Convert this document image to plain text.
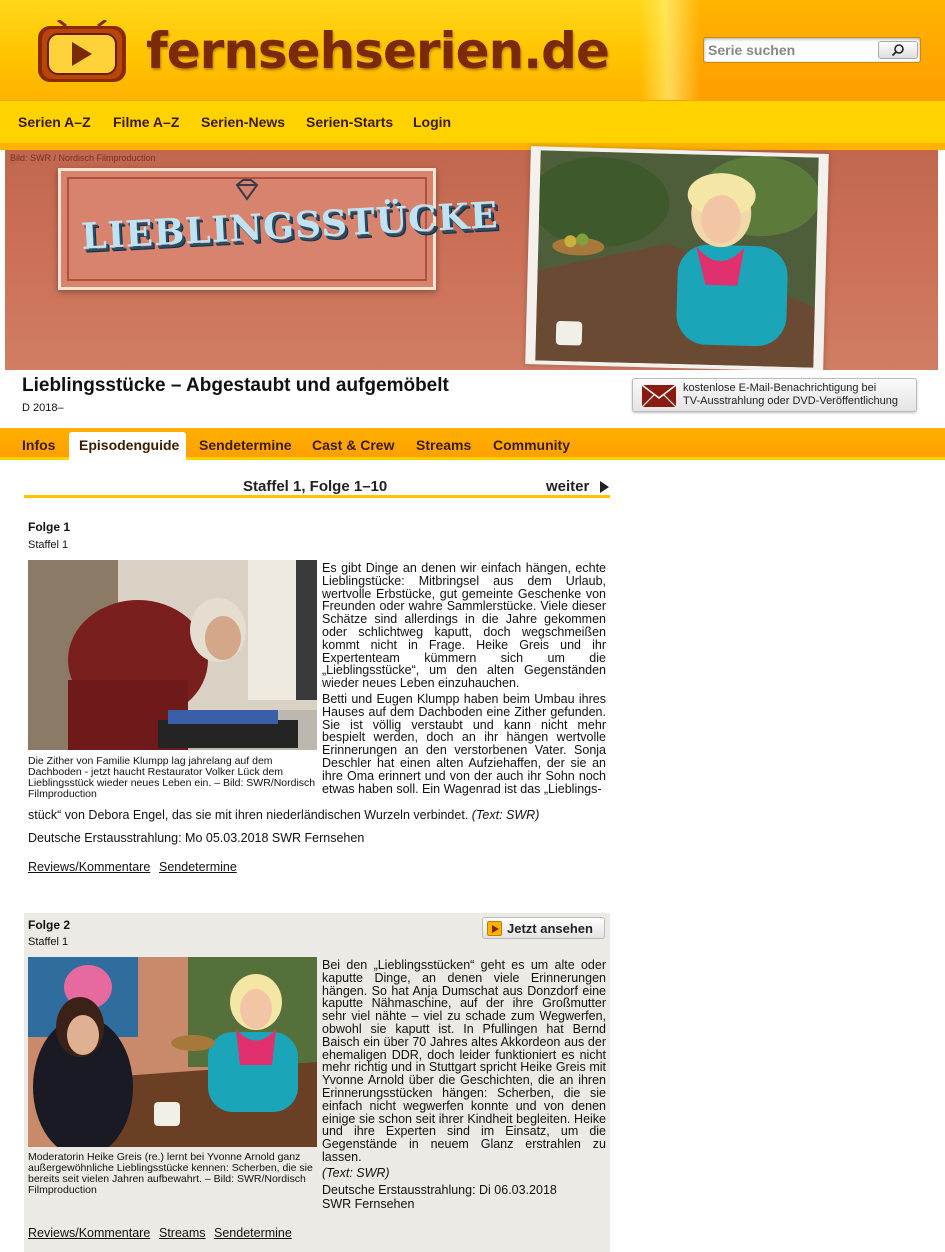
fernsehserien.de
Serie suchen
Serien A–Z Filme A–Z Serien-News Serien-Starts Login
Bild: SWR / Nordisch Filmproduction
LIEBLINGSSTÜCKE
Lieblingsstücke – Abgestaubt und aufgemöbelt
D 2018–
kostenlose E-Mail-Benachrichtigung bei
TV-Ausstrahlung oder DVD-Veröffentlichung
Infos Episodenguide Sendetermine Cast & Crew Streams Community
Staffel 1, Folge 1–10	weiter
Folge 1
Staffel 1
Die Zither von Familie Klumpp lag jahrelang auf dem Dachboden - jetzt haucht Restaurator Volker Lück dem Lieblingsstück wieder neues Leben ein. – Bild: SWR/Nordisch Filmproduction

Es gibt Dinge an denen wir einfach hängen, echte Lieblingstücke: Mitbringsel aus dem Urlaub, wertvolle Erbstücke, gut gemeinte Geschenke von Freunden oder wahre Sammlerstücke. Viele dieser Schätze sind allerdings in die Jahre gekommen oder schlichtweg kaputt, doch wegschmeißen kommt nicht in Frage. Heike Greis und ihr Expertenteam kümmern sich um die „Lieblingsstücke“, um den alten Gegenständen wieder neues Leben einzuhauchen.

Betti und Eugen Klumpp haben beim Umbau ihres Hauses auf dem Dachboden eine Zither gefunden. Sie ist völlig verstaubt und kann nicht mehr bespielt werden, doch an ihr hängen wertvolle Erinnerungen an den verstorbenen Vater. Sonja Deschler hat einen alten Aufziehaffen, der sie an ihre Oma erinnert und von der auch ihr Sohn noch etwas haben soll. Ein Wagenrad ist das „Lieblings-

stück“ von Debora Engel, das sie mit ihren niederländischen Wurzeln verbindet. (Text: SWR)
Deutsche Erstausstrahlung: Mo 05.03.2018 SWR Fernsehen
Reviews/Kommentare Sendetermine
Folge 2
Staffel 1
Jetzt ansehen
Moderatorin Heike Greis (re.) lernt bei Yvonne Arnold ganz außergewöhnliche Lieblingsstücke kennen: Scherben, die sie bereits seit vielen Jahren aufbewahrt. – Bild: SWR/Nordisch Filmproduction

Bei den „Lieblingsstücken“ geht es um alte oder kaputte Dinge, an denen viele Erinnerungen hängen. So hat Anja Dumschat aus Donzdorf eine kaputte Nähmaschine, auf der ihre Großmutter sehr viel nähte – viel zu schade zum Wegwerfen, obwohl sie kaputt ist. In Pfullingen hat Bernd Baisch ein über 70 Jahres altes Akkordeon aus der ehemaligen DDR, doch leider funktioniert es nicht mehr richtig und in Stuttgart spricht Heike Greis mit Yvonne Arnold über die Geschichten, die an ihren Erinnerungsstücken hängen: Scherben, die sie einfach nicht wegwerfen konnte und von denen einige sie schon seit ihrer Kindheit begleiten. Heike und ihre Experten sind im Einsatz, um die Gegenstände in neuem Glanz erstrahlen zu lassen.

(Text: SWR)
Deutsche Erstausstrahlung: Di 06.03.2018
SWR Fernsehen
Reviews/Kommentare Streams Sendetermine
